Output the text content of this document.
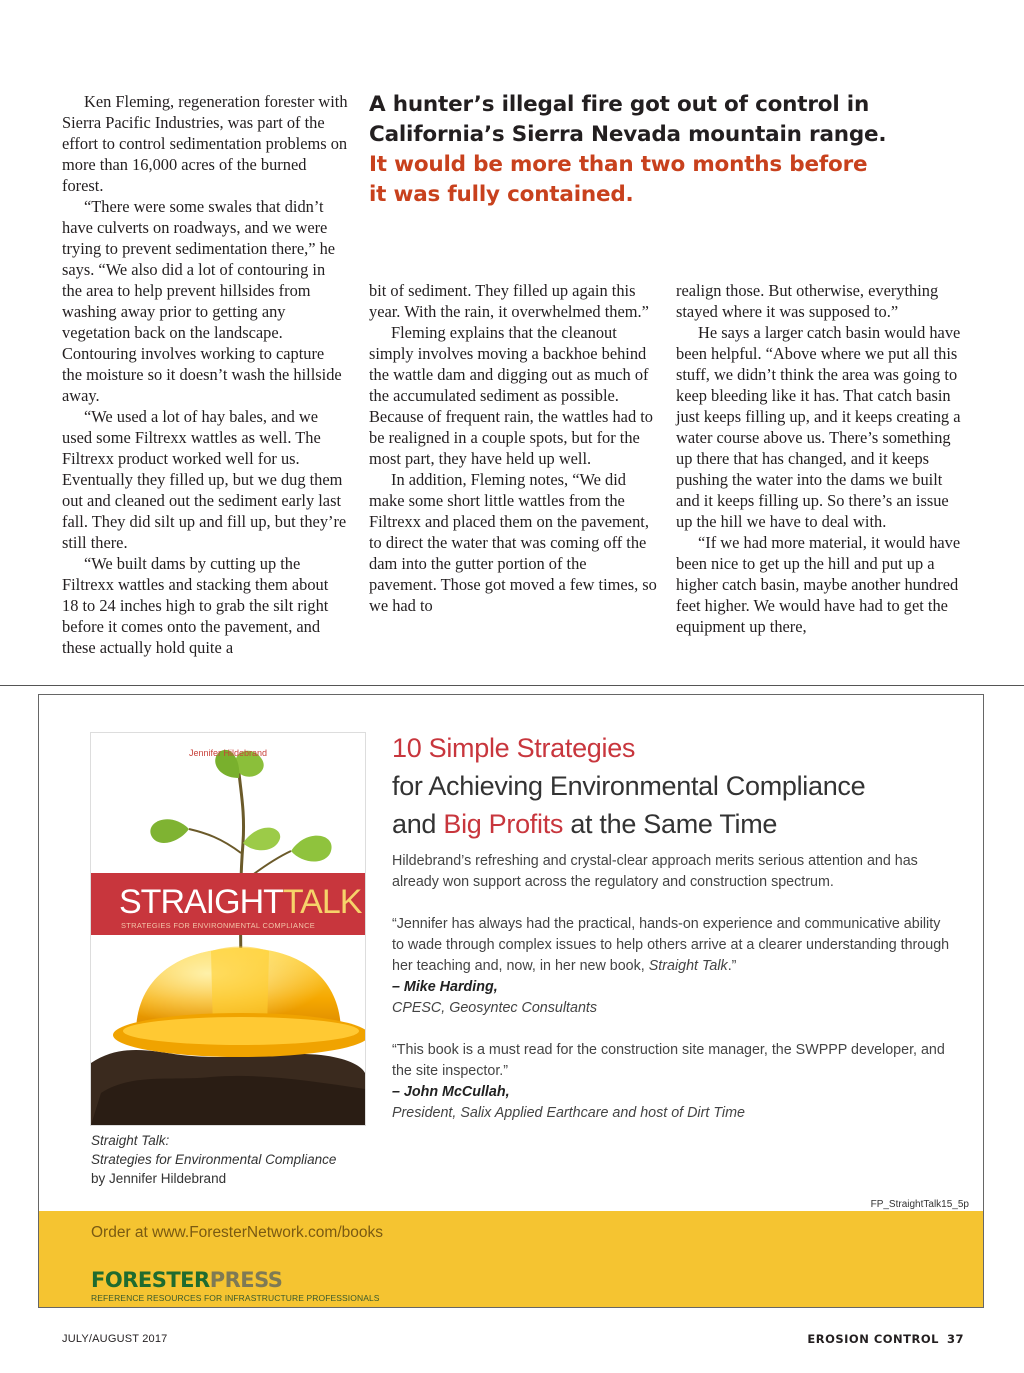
Ken Fleming, regeneration forester with Sierra Pacific Industries, was part of the effort to control sedimentation problems on more than 16,000 acres of the burned forest.

“There were some swales that didn’t have culverts on roadways, and we were trying to prevent sedimentation there,” he says. “We also did a lot of contouring in the area to help prevent hillsides from washing away prior to getting any vegetation back on the landscape. Contouring involves working to capture the moisture so it doesn’t wash the hillside away.

“We used a lot of hay bales, and we used some Filtrexx wattles as well. The Filtrexx product worked well for us. Eventually they filled up, but we dug them out and cleaned out the sediment early last fall. They did silt up and fill up, but they’re still there.

“We built dams by cutting up the Filtrexx wattles and stacking them about 18 to 24 inches high to grab the silt right before it comes onto the pavement, and these actually hold quite a

A hunter’s illegal fire got out of control in California’s Sierra Nevada mountain range. It would be more than two months before it was fully contained.

bit of sediment. They filled up again this year. With the rain, it overwhelmed them.”

Fleming explains that the cleanout simply involves moving a backhoe behind the wattle dam and digging out as much of the accumulated sediment as possible. Because of frequent rain, the wattles had to be realigned in a couple spots, but for the most part, they have held up well.

In addition, Fleming notes, “We did make some short little wattles from the Filtrexx and placed them on the pavement, to direct the water that was coming off the dam into the gutter portion of the pavement. Those got moved a few times, so we had to

realign those. But otherwise, everything stayed where it was supposed to.”

He says a larger catch basin would have been helpful. “Above where we put all this stuff, we didn’t think the area was going to keep bleeding like it has. That catch basin just keeps filling up, and it keeps creating a water course above us. There’s something up there that has changed, and it keeps pushing the water into the dams we built and it keeps filling up. So there’s an issue up the hill we have to deal with.

“If we had more material, it would have been nice to get up the hill and put up a higher catch basin, maybe another hundred feet higher. We would have had to get the equipment up there,

Jennifer Hildebrand
STRAIGHTTALK
STRATEGIES FOR ENVIRONMENTAL COMPLIANCE
Straight Talk:
Strategies for Environmental Compliance
by Jennifer Hildebrand
10 Simple Strategies
for Achieving Environmental Compliance
and Big Profits at the Same Time
Hildebrand’s refreshing and crystal-clear approach merits serious attention and has already won support across the regulatory and construction spectrum.
“Jennifer has always had the practical, hands-on experience and communicative ability to wade through complex issues to help others arrive at a clearer understanding through her teaching and, now, in her new book, Straight Talk.”
– Mike Harding,
CPESC, Geosyntec Consultants
“This book is a must read for the construction site manager, the SWPPP developer, and the site inspector.”
– John McCullah,
President, Salix Applied Earthcare and host of Dirt Time
FP_StraightTalk15_5p
Order at www.ForesterNetwork.com/books
FORESTERPRESS
REFERENCE RESOURCES FOR INFRASTRUCTURE PROFESSIONALS
JULY/AUGUST 2017	EROSION CONTROL 37
